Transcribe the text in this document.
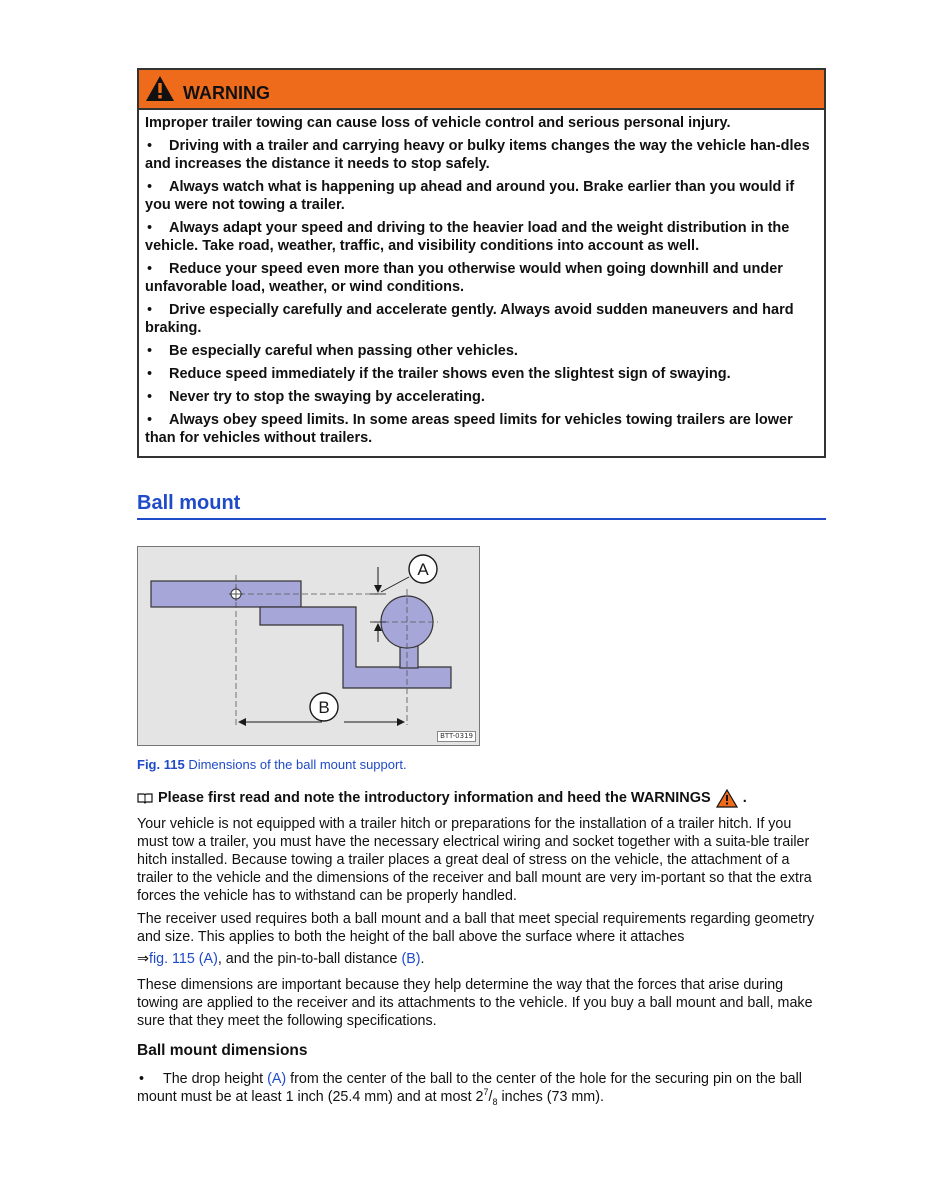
WARNING

Improper trailer towing can cause loss of vehicle control and serious personal injury.

• Driving with a trailer and carrying heavy or bulky items changes the way the vehicle han-dles and increases the distance it needs to stop safely.
• Always watch what is happening up ahead and around you. Brake earlier than you would if you were not towing a trailer.
• Always adapt your speed and driving to the heavier load and the weight distribution in the vehicle. Take road, weather, traffic, and visibility conditions into account as well.
• Reduce your speed even more than you otherwise would when going downhill and under unfavorable load, weather, or wind conditions.
• Drive especially carefully and accelerate gently. Always avoid sudden maneuvers and hard braking.
• Be especially careful when passing other vehicles.
• Reduce speed immediately if the trailer shows even the slightest sign of swaying.
• Never try to stop the swaying by accelerating.
• Always obey speed limits. In some areas speed limits for vehicles towing trailers are lower than for vehicles without trailers.
Ball mount
A
B
BTT-0319
Fig. 115 Dimensions of the ball mount support.
Please first read and note the introductory information and heed the WARNINGS .

Your vehicle is not equipped with a trailer hitch or preparations for the installation of a trailer hitch. If you must tow a trailer, you must have the necessary electrical wiring and socket together with a suita-ble trailer hitch installed. Because towing a trailer places a great deal of stress on the vehicle, the attachment of a trailer to the vehicle and the dimensions of the receiver and ball mount are very im-portant so that the extra forces the vehicle has to withstand can be properly handled.

The receiver used requires both a ball mount and a ball that meet special requirements regarding geometry and size. This applies to both the height of the ball above the surface where it attaches

⇒fig. 115 (A), and the pin-to-ball distance (B).

These dimensions are important because they help determine the way that the forces that arise during towing are applied to the receiver and its attachments to the vehicle. If you buy a ball mount and ball, make sure that they meet the following specifications.

Ball mount dimensions

• The drop height (A) from the center of the ball to the center of the hole for the securing pin on the ball mount must be at least 1 inch (25.4 mm) and at most $2^7/_8$ inches (73 mm).
